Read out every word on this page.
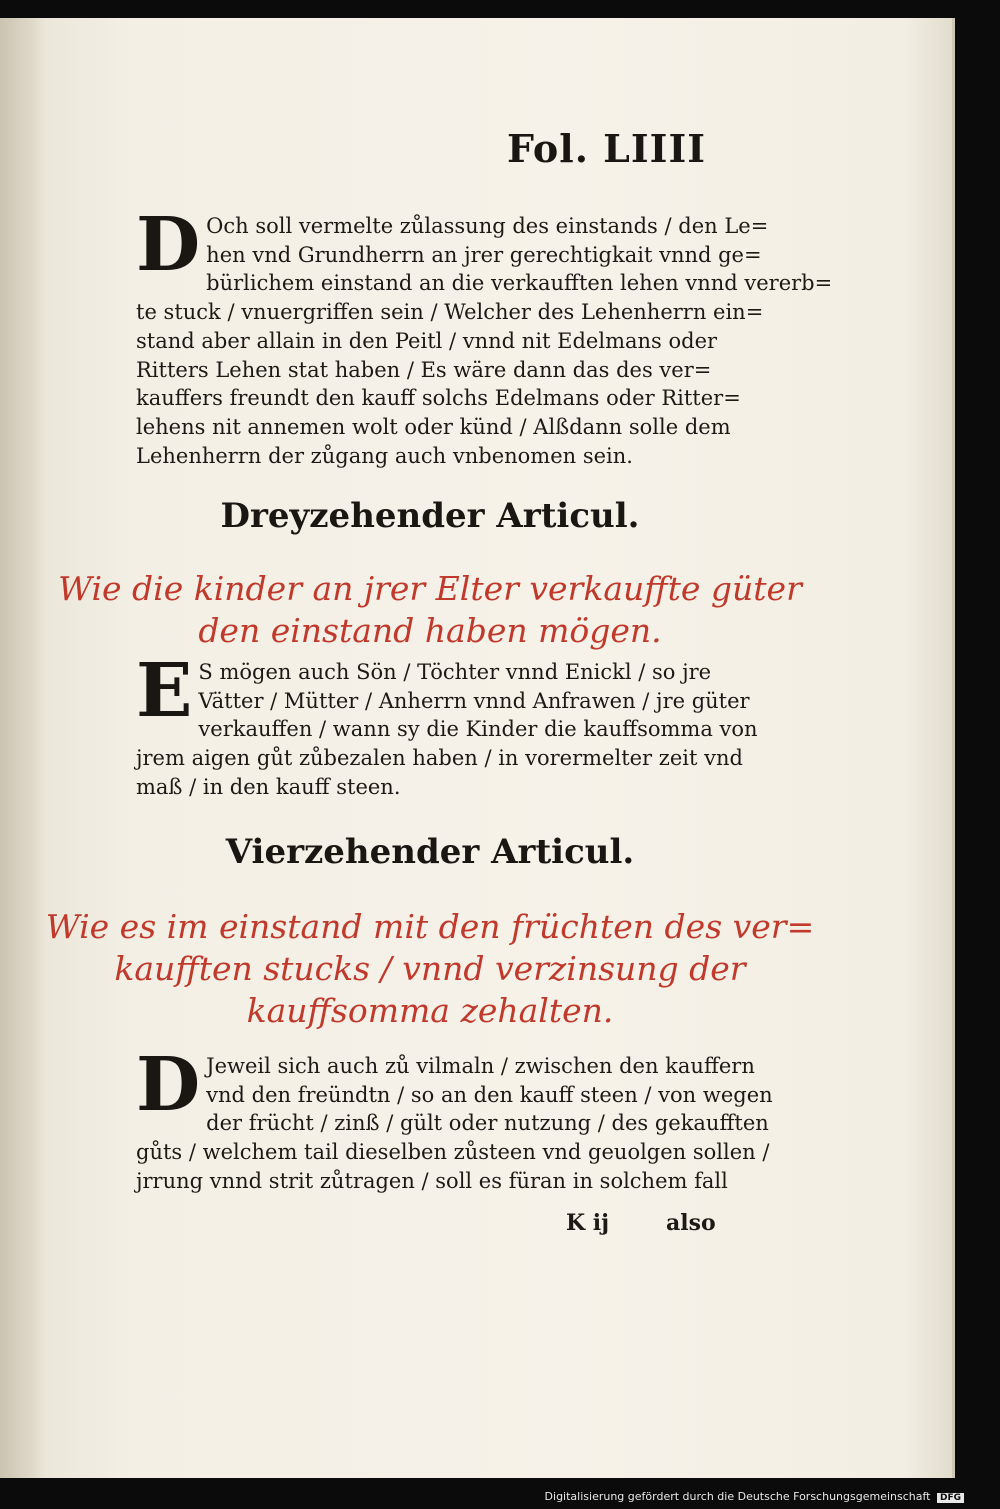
Fol. LIIII
D Och soll vermelte zůlassung des einstands / den Le=
hen vnd Grundherrn an jrer gerechtigkait vnnd ge=
bürlichem einstand an die verkaufften lehen vnnd vererb=
te stuck / vnuergriffen sein / Welcher des Lehenherrn ein=
stand aber allain in den Peitl / vnnd nit Edelmans oder
Ritters Lehen stat haben / Es wäre dann das des ver=
kauffers freundt den kauff solchs Edelmans oder Ritter=
lehens nit annemen wolt oder künd / Alßdann solle dem
Lehenherrn der zůgang auch vnbenomen sein.
Dreyzehender Articul.
Wie die kinder an jrer Elter verkauffte güter
den einstand haben mögen.
E S mögen auch Sön / Töchter vnnd Enickl / so jre
Vätter / Mütter / Anherrn vnnd Anfrawen / jre güter
verkauffen / wann sy die Kinder die kauffsomma von
jrem aigen gůt zůbezalen haben / in vorermelter zeit vnd
maß / in den kauff steen.
Vierzehender Articul.
Wie es im einstand mit den früchten des ver=
kaufften stucks / vnnd verzinsung der
kauffsomma zehalten.
D Jeweil sich auch zů vilmaln / zwischen den kauffern
vnd den freündtn / so an den kauff steen / von wegen
der frücht / zinß / gült oder nutzung / des gekaufften
gůts / welchem tail dieselben zůsteen vnd geuolgen sollen /
jrrung vnnd strit zůtragen / soll es füran in solchem fall
K ij	also
Digitalisierung gefördert durch die Deutsche Forschungsgemeinschaft DFG
